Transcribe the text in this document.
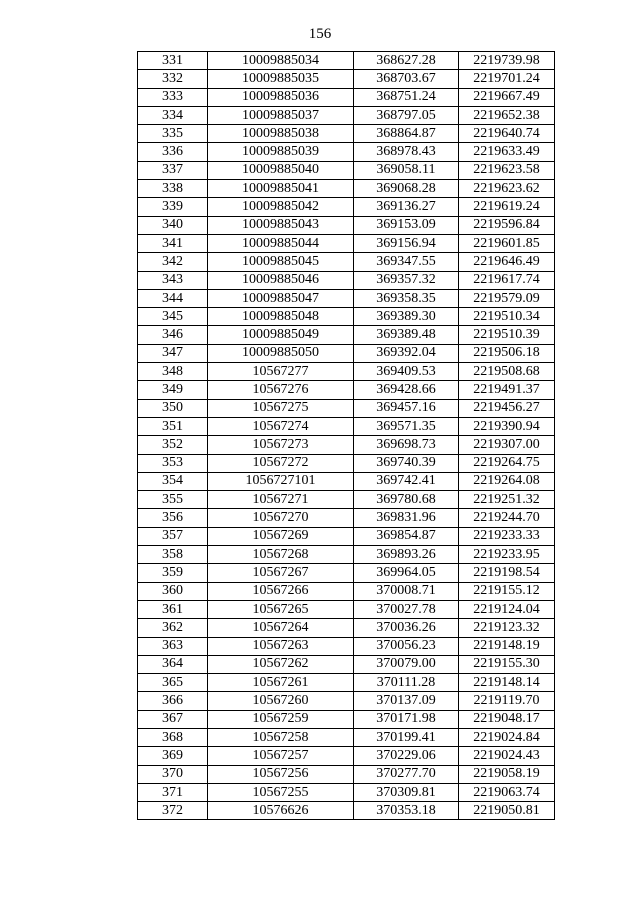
156
331	10009885034	368627.28	2219739.98
332	10009885035	368703.67	2219701.24
333	10009885036	368751.24	2219667.49
334	10009885037	368797.05	2219652.38
335	10009885038	368864.87	2219640.74
336	10009885039	368978.43	2219633.49
337	10009885040	369058.11	2219623.58
338	10009885041	369068.28	2219623.62
339	10009885042	369136.27	2219619.24
340	10009885043	369153.09	2219596.84
341	10009885044	369156.94	2219601.85
342	10009885045	369347.55	2219646.49
343	10009885046	369357.32	2219617.74
344	10009885047	369358.35	2219579.09
345	10009885048	369389.30	2219510.34
346	10009885049	369389.48	2219510.39
347	10009885050	369392.04	2219506.18
348	10567277	369409.53	2219508.68
349	10567276	369428.66	2219491.37
350	10567275	369457.16	2219456.27
351	10567274	369571.35	2219390.94
352	10567273	369698.73	2219307.00
353	10567272	369740.39	2219264.75
354	1056727101	369742.41	2219264.08
355	10567271	369780.68	2219251.32
356	10567270	369831.96	2219244.70
357	10567269	369854.87	2219233.33
358	10567268	369893.26	2219233.95
359	10567267	369964.05	2219198.54
360	10567266	370008.71	2219155.12
361	10567265	370027.78	2219124.04
362	10567264	370036.26	2219123.32
363	10567263	370056.23	2219148.19
364	10567262	370079.00	2219155.30
365	10567261	370111.28	2219148.14
366	10567260	370137.09	2219119.70
367	10567259	370171.98	2219048.17
368	10567258	370199.41	2219024.84
369	10567257	370229.06	2219024.43
370	10567256	370277.70	2219058.19
371	10567255	370309.81	2219063.74
372	10576626	370353.18	2219050.81
